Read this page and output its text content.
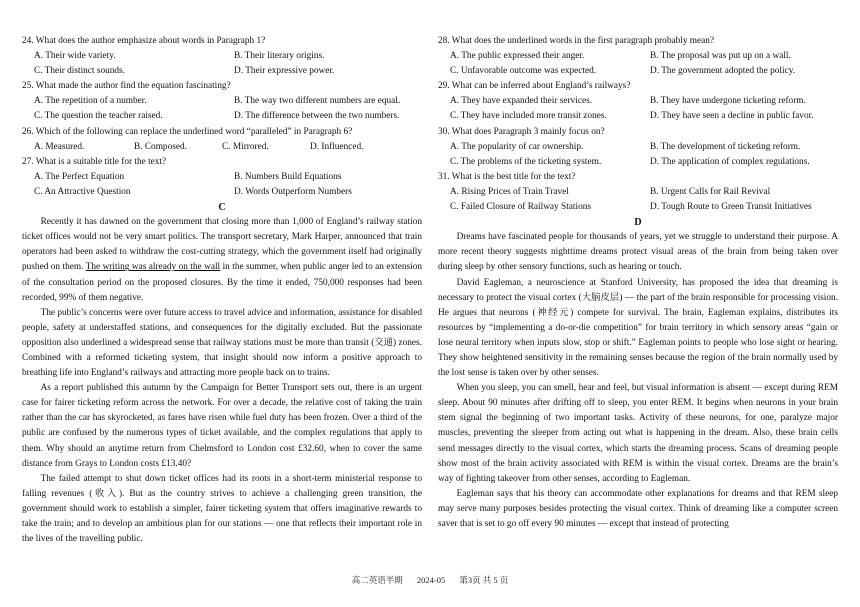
24. What does the author emphasize about words in Paragraph 1?
A. Their wide variety.	B. Their literary origins.
C. Their distinct sounds.	D. Their expressive power.
25. What made the author find the equation fascinating?
A. The repetition of a number.	B. The way two different numbers are equal.
C. The question the teacher raised.	D. The difference between the two numbers.
26. Which of the following can replace the underlined word “paralleled” in Paragraph 6?
A. Measured.	B. Composed.	C. Mirrored.	D. Influenced.
27. What is a suitable title for the text?
A. The Perfect Equation	B. Numbers Build Equations
C. An Attractive Question	D. Words Outperform Numbers
C

Recently it has dawned on the government that closing more than 1,000 of England’s railway station ticket offices would not be very smart politics. The transport secretary, Mark Harper, announced that train operators had been asked to withdraw the cost-cutting strategy, which the government itself had originally pushed on them. The writing was already on the wall in the summer, when public anger led to an extension of the consultation period on the proposed closures. By the time it ended, 750,000 responses had been recorded, 99% of them negative.

The public’s concerns were over future access to travel advice and information, assistance for disabled people, safety at understaffed stations, and consequences for the digitally excluded. But the passionate opposition also underlined a widespread sense that railway stations must be more than transit (交通) zones. Combined with a reformed ticketing system, that insight should now inform a positive approach to breathing life into England’s railways and attracting more people back on to trains.

As a report published this autumn by the Campaign for Better Transport sets out, there is an urgent case for fairer ticketing reform across the network. For over a decade, the relative cost of taking the train rather than the car has skyrocketed, as fares have risen while fuel duty has been frozen. Over a third of the public are confused by the numerous types of ticket available, and the complex regulations that apply to them. Why should an anytime return from Chelmsford to London cost £32.60, when to cover the same distance from Grays to London costs £13.40?

The failed attempt to shut down ticket offices had its roots in a short-term ministerial response to falling revenues (收入). But as the country strives to achieve a challenging green transition, the government should work to establish a simpler, fairer ticketing system that offers imaginative rewards to take the train; and to develop an ambitious plan for our stations — one that reflects their important role in the lives of the travelling public.

28. What does the underlined words in the first paragraph probably mean?
A. The public expressed their anger.	B. The proposal was put up on a wall.
C. Unfavorable outcome was expected.	D. The government adopted the policy.
29. What can be inferred about England’s railways?
A. They have expanded their services.	B. They have undergone ticketing reform.
C. They have included more transit zones.	D. They have seen a decline in public favor.
30. What does Paragraph 3 mainly focus on?
A. The popularity of car ownership.	B. The development of ticketing reform.
C. The problems of the ticketing system.	D. The application of complex regulations.
31. What is the best title for the text?
A. Rising Prices of Train Travel	B. Urgent Calls for Rail Revival
C. Failed Closure of Railway Stations	D. Tough Route to Green Transit Initiatives
D

Dreams have fascinated people for thousands of years, yet we struggle to understand their purpose. A more recent theory suggests nighttime dreams protect visual areas of the brain from being taken over during sleep by other sensory functions, such as hearing or touch.

David Eagleman, a neuroscience at Stanford University, has proposed the idea that dreaming is necessary to protect the visual cortex (大脑皮层) — the part of the brain responsible for processing vision. He argues that neurons (神经元) compete for survival. The brain, Eagleman explains, distributes its resources by “implementing a do-or-die competition” for brain territory in which sensory areas “gain or lose neural territory when inputs slow, stop or shift.” Eagleman points to people who lose sight or hearing. They show heightened sensitivity in the remaining senses because the region of the brain normally used by the lost sense is taken over by other senses.

When you sleep, you can smell, hear and feel, but visual information is absent — except during REM sleep. About 90 minutes after drifting off to sleep, you enter REM. It begins when neurons in your brain stem signal the beginning of two important tasks. Activity of these neurons, for one, paralyze major muscles, preventing the sleeper from acting out what is happening in the dream. Also, these brain cells send messages directly to the visual cortex, which starts the dreaming process. Scans of dreaming people show most of the brain activity associated with REM is within the visual cortex. Dreams are the brain’s way of fighting takeover from other senses, according to Eagleman.

Eagleman says that his theory can accommodate other explanations for dreams and that REM sleep may serve many purposes besides protecting the visual cortex. Think of dreaming like a computer screen saver that is set to go off every 90 minutes — except that instead of protecting

高二英语半期 2024-05 第3页 共 5 页
